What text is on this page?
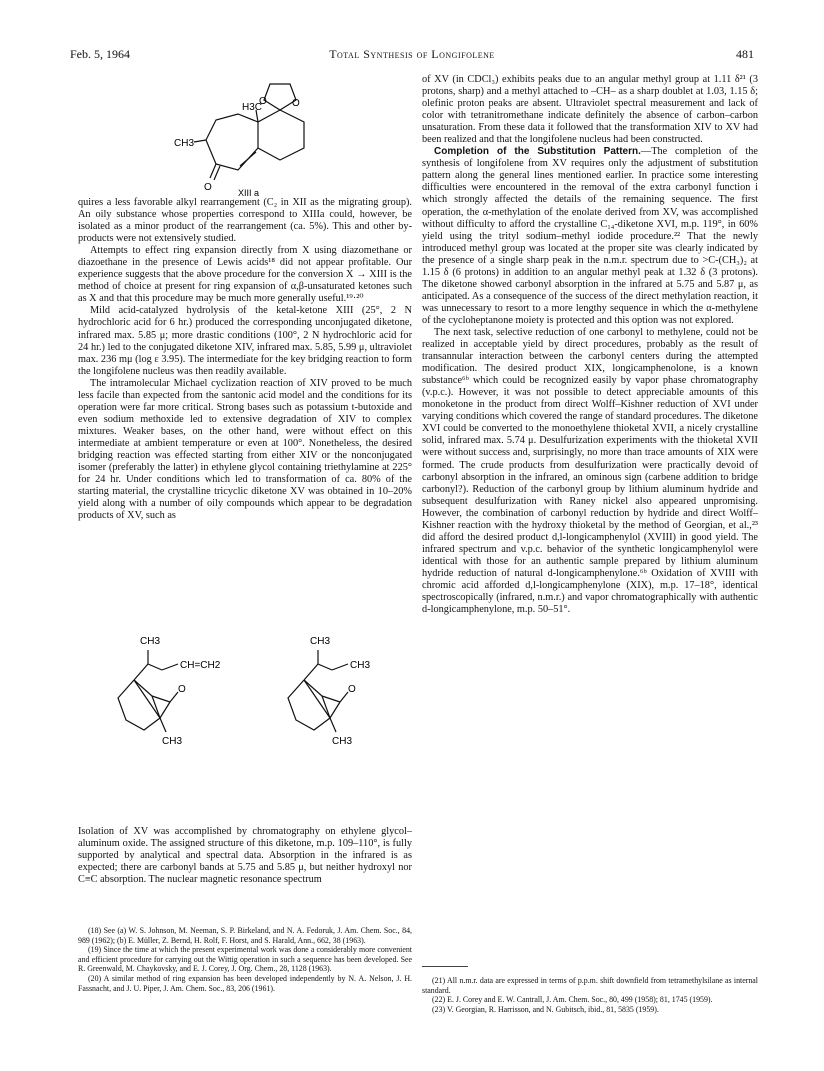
Feb. 5, 1964	Total Synthesis of Longifolene	481
O	O
H3C
CH3
O	XIII a

quires a less favorable alkyl rearrangement (C₂ in XII as the migrating group). An oily substance whose properties correspond to XIIIa could, however, be isolated as a minor product of the rearrangement (ca. 5%). This and other by-products were not extensively studied.

Attempts to effect ring expansion directly from X using diazomethane or diazoethane in the presence of Lewis acids¹⁸ did not appear profitable. Our experience suggests that the above procedure for the conversion X → XIII is the method of choice at present for ring expansion of α,β-unsaturated ketones such as X and that this procedure may be much more generally useful.¹⁹·²⁰

Mild acid-catalyzed hydrolysis of the ketal-ketone XIII (25°, 2 N hydrochloric acid for 6 hr.) produced the corresponding unconjugated diketone, infrared max. 5.85 μ; more drastic conditions (100°, 2 N hydrochloric acid for 24 hr.) led to the conjugated diketone XIV, infrared max. 5.85, 5.99 μ, ultraviolet max. 236 mμ (log ε 3.95). The intermediate for the key bridging reaction to form the longifolene nucleus was then readily available.

The intramolecular Michael cyclization reaction of XIV proved to be much less facile than expected from the santonic acid model and the conditions for its operation were far more critical. Strong bases such as potassium t-butoxide and even sodium methoxide led to extensive degradation of XIV to complex mixtures. Weaker bases, on the other hand, were without effect on this intermediate at ambient temperature or even at 100°. Nonetheless, the desired bridging reaction was effected starting from either XIV or the nonconjugated isomer (preferably the latter) in ethylene glycol containing triethylamine at 225° for 24 hr. Under conditions which led to transformation of ca. 80% of the starting material, the crystalline tricyclic diketone XV was obtained in 10–20% yield along with a number of oily compounds which appear to be degradation products of XV, such as

CH3
CH=CH2
O
CH3
CH3
CH3
O
CH3

Isolation of XV was accomplished by chromatography on ethylene glycol–aluminum oxide. The assigned structure of this diketone, m.p. 109–110°, is fully supported by analytical and spectral data. Absorption in the infrared is as expected; there are carbonyl bands at 5.75 and 5.85 μ, but neither hydroxyl nor C≡C absorption. The nuclear magnetic resonance spectrum

(18) See (a) W. S. Johnson, M. Neeman, S. P. Birkeland, and N. A. Fedoruk, J. Am. Chem. Soc., 84, 989 (1962); (b) E. Müller, Z. Bernd, H. Rolf, F. Horst, and S. Harald, Ann., 662, 38 (1963).

(19) Since the time at which the present experimental work was done a considerably more convenient and efficient procedure for carrying out the Wittig operation in such a sequence has been developed. See R. Greenwald, M. Chaykovsky, and E. J. Corey, J. Org. Chem., 28, 1128 (1963).

(20) A similar method of ring expansion has been developed independently by N. A. Nelson, J. H. Fassnacht, and J. U. Piper, J. Am. Chem. Soc., 83, 206 (1961).

of XV (in CDCl₃) exhibits peaks due to an angular methyl group at 1.11 δ²¹ (3 protons, sharp) and a methyl attached to –CH– as a sharp doublet at 1.03, 1.15 δ; olefinic proton peaks are absent. Ultraviolet spectral measurement and lack of color with tetranitromethane indicate definitely the absence of carbon–carbon unsaturation. From these data it followed that the transformation XIV to XV had been realized and that the longifolene nucleus had been constructed.

Completion of the Substitution Pattern.—The completion of the synthesis of longifolene from XV requires only the adjustment of substitution pattern along the general lines mentioned earlier. In practice some interesting difficulties were encountered in the removal of the extra carbonyl function i which strongly affected the details of the remaining sequence. The first operation, the α-methylation of the enolate derived from XV, was accomplished without difficulty to afford the crystalline C₁₄-diketone XVI, m.p. 119°, in 60% yield using the trityl sodium–methyl iodide procedure.²² That the newly introduced methyl group was located at the proper site was clearly indicated by the presence of a single sharp peak in the n.m.r. spectrum due to >C-(CH₃)₂ at 1.15 δ (6 protons) in addition to an angular methyl peak at 1.32 δ (3 protons). The diketone showed carbonyl absorption in the infrared at 5.75 and 5.87 μ, as anticipated. As a consequence of the success of the direct methylation reaction, it was unnecessary to resort to a more lengthy sequence in which the α-methylene of the cycloheptanone moiety is protected and this option was not explored.

The next task, selective reduction of one carbonyl to methylene, could not be realized in acceptable yield by direct procedures, probably as the result of transannular interaction between the carbonyl centers during the attempted modification. The desired product XIX, longicamphenolone, is a known substance⁶ᵇ which could be recognized easily by vapor phase chromatography (v.p.c.). However, it was not possible to detect appreciable amounts of this monoketone in the product from direct Wolff–Kishner reduction of XVI under varying conditions which covered the range of standard procedures. The diketone XVI could be converted to the monoethylene thioketal XVII, a nicely crystalline solid, infrared max. 5.74 μ. Desulfurization experiments with the thioketal XVII were without success and, surprisingly, no more than trace amounts of XIX were formed. The crude products from desulfurization were practically devoid of carbonyl absorption in the infrared, an ominous sign (carbene addition to bridge carbonyl?). Reduction of the carbonyl group by lithium aluminum hydride and subsequent desulfurization with Raney nickel also appeared unpromising. However, the combination of carbonyl reduction by hydride and direct Wolff–Kishner reaction with the hydroxy thioketal by the method of Georgian, et al.,²³ did afford the desired product d,l-longicamphenylol (XVIII) in good yield. The infrared spectrum and v.p.c. behavior of the synthetic longicamphenylol were identical with those for an authentic sample prepared by lithium aluminum hydride reduction of natural d-longicamphenylone.⁶ᵇ Oxidation of XVIII with chromic acid afforded d,l-longicamphenylone (XIX), m.p. 17–18°, identical spectroscopically (infrared, n.m.r.) and vapor chromatographically with authentic d-longicamphenylone, m.p. 50–51°.

(21) All n.m.r. data are expressed in terms of p.p.m. shift downfield from tetramethylsilane as internal standard.

(22) E. J. Corey and E. W. Cantrall, J. Am. Chem. Soc., 80, 499 (1958); 81, 1745 (1959).

(23) V. Georgian, R. Harrisson, and N. Gubitsch, ibid., 81, 5835 (1959).
